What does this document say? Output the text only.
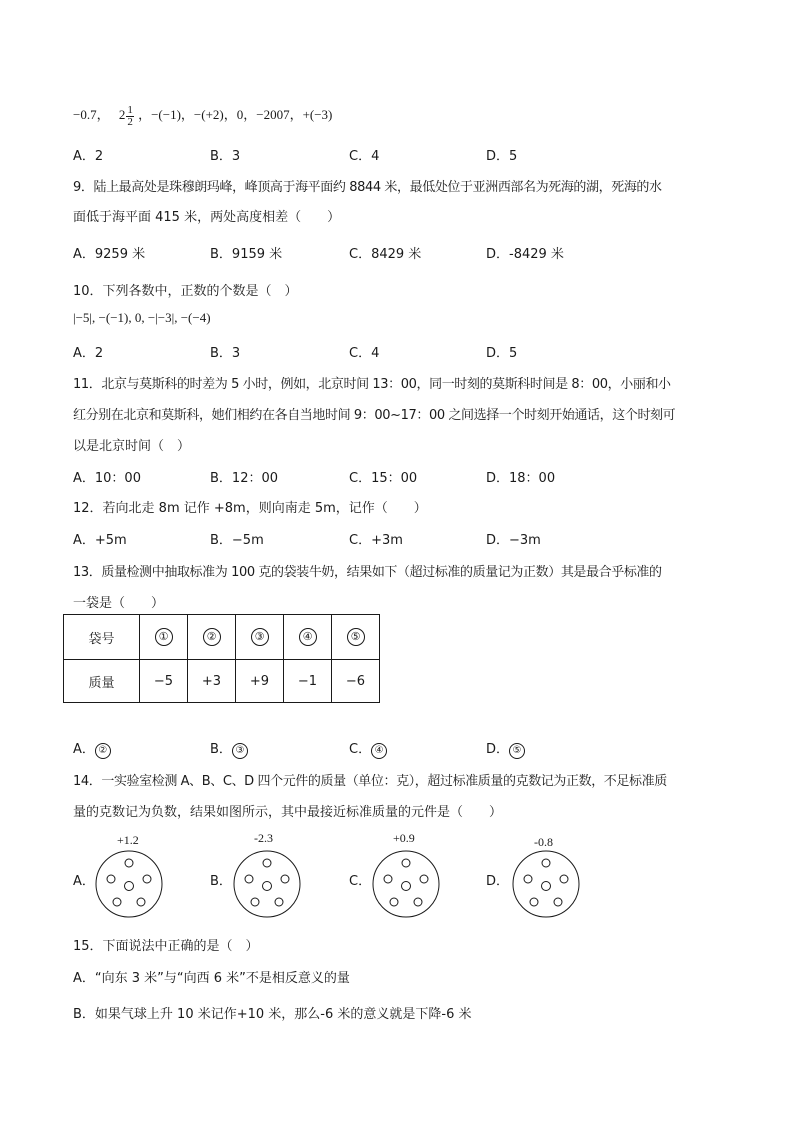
−0.7， $2 \frac{1}{2}$ ，−(−1)，−(+2)，0，−2007，+(−3)
A．2	B．3	C．4	D．5
9．陆上最高处是珠穆朗玛峰，峰顶高于海平面约 8844 米，最低处位于亚洲西部名为死海的湖，死海的水
面低于海平面 415 米，两处高度相差（　　）
A．9259 米	B．9159 米	C．8429 米	D．-8429 米
10．下列各数中，正数的个数是（　）
|−5|, −(−1), 0, −|−3|, −(−4)
A．2	B．3	C．4	D．5
11．北京与莫斯科的时差为 5 小时，例如，北京时间 13：00，同一时刻的莫斯科时间是 8：00，小丽和小
红分别在北京和莫斯科，她们相约在各自当地时间 9：00~17：00 之间选择一个时刻开始通话，这个时刻可
以是北京时间（　）
A．10：00	B．12：00	C．15：00	D．18：00
12．若向北走 8m 记作 +8m，则向南走 5m，记作（　　）
A．+5m	B．−5m	C．+3m	D．−3m
13．质量检测中抽取标准为 100 克的袋装牛奶，结果如下（超过标准的质量记为正数）其是最合乎标准的
一袋是（　　）
袋号	①	②	③	④	⑤
质量	−5	+3	+9	−1	−6
A． ②	B． ③	C． ④	D． ⑤
14．一实验室检测 A、B、C、D 四个元件的质量（单位：克），超过标准质量的克数记为正数，不足标准质
量的克数记为负数，结果如图所示，其中最接近标准质量的元件是（　　）
A．
+1.2
B．
-2.3
C．
+0.9
D．
-0.8
15．下面说法中正确的是（　）
A．“向东 3 米”与“向西 6 米”不是相反意义的量
B．如果气球上升 10 米记作+10 米，那么-6 米的意义就是下降-6 米
